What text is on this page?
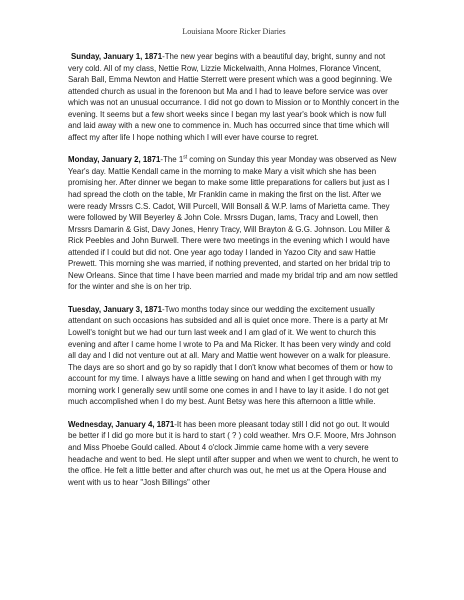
Louisiana Moore Ricker Diaries

Sunday, January 1, 1871-The new year begins with a beautiful day, bright, sunny and not very cold. All of my class, Nettie Row, Lizzie Mickelwaith, Anna Holmes, Florance Vincent, Sarah Ball, Emma Newton and Hattie Sterrett were present which was a good beginning. We attended church as usual in the forenoon but Ma and I had to leave before service was over which was not an unusual occurrance. I did not go down to Mission or to Monthly concert in the evening. It seems but a few short weeks since I began my last year's book which is now full and laid away with a new one to commence in. Much has occurred since that time which will affect my after life I hope nothing which I will ever have course to regret.

Monday, January 2, 1871-The 1st coming on Sunday this year Monday was observed as New Year's day. Mattie Kendall came in the morning to make Mary a visit which she has been promising her. After dinner we began to make some little preparations for callers but just as I had spread the cloth on the table, Mr Franklin came in making the first on the list. After we were ready Mrssrs C.S. Cadot, Will Purcell, Will Bonsall & W.P. Iams of Marietta came. They were followed by Will Beyerley & John Cole. Mrssrs Dugan, Iams, Tracy and Lowell, then Mrssrs Damarin & Gist, Davy Jones, Henry Tracy, Will Brayton & G.G. Johnson. Lou Miller & Rick Peebles and John Burwell. There were two meetings in the evening which I would have attended if I could but did not. One year ago today I landed in Yazoo City and saw Hattie Prewett. This morning she was married, if nothing prevented, and started on her bridal trip to New Orleans. Since that time I have been married and made my bridal trip and am now settled for the winter and she is on her trip.

Tuesday, January 3, 1871-Two months today since our wedding the excitement usually attendant on such occasions has subsided and all is quiet once more. There is a party at Mr Lowell's tonight but we had our turn last week and I am glad of it. We went to church this evening and after I came home I wrote to Pa and Ma Ricker. It has been very windy and cold all day and I did not venture out at all. Mary and Mattie went however on a walk for pleasure. The days are so short and go by so rapidly that I don't know what becomes of them or how to account for my time. I always have a little sewing on hand and when I get through with my morning work I generally sew until some one comes in and I have to lay it aside. I do not get much accomplished when I do my best. Aunt Betsy was here this afternoon a little while.

Wednesday, January 4, 1871-It has been more pleasant today still I did not go out. It would be better if I did go more but it is hard to start ( ? ) cold weather. Mrs O.F. Moore, Mrs Johnson and Miss Phoebe Gould called. About 4 o'clock Jimmie came home with a very severe headache and went to bed. He slept until after supper and when we went to church, he went to the office. He felt a little better and after church was out, he met us at the Opera House and went with us to hear "Josh Billings" other
